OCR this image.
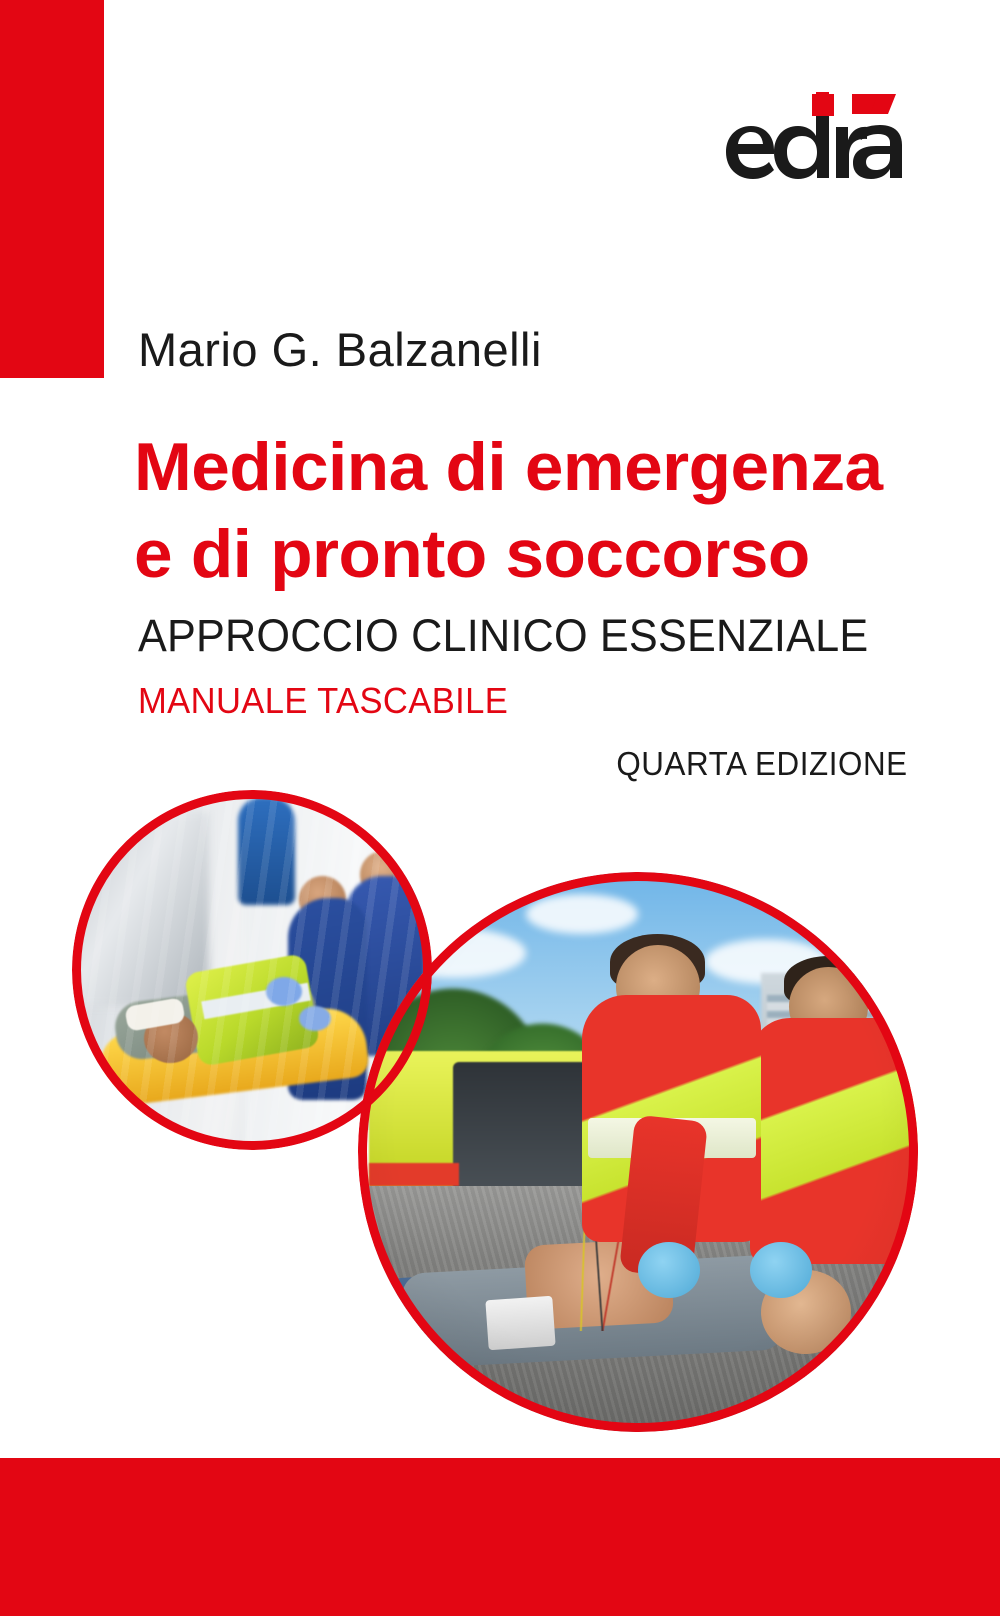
Mario G. Balzanelli
Medicina di emergenza
e di pronto soccorso
APPROCCIO CLINICO ESSENZIALE
MANUALE TASCABILE
QUARTA EDIZIONE
